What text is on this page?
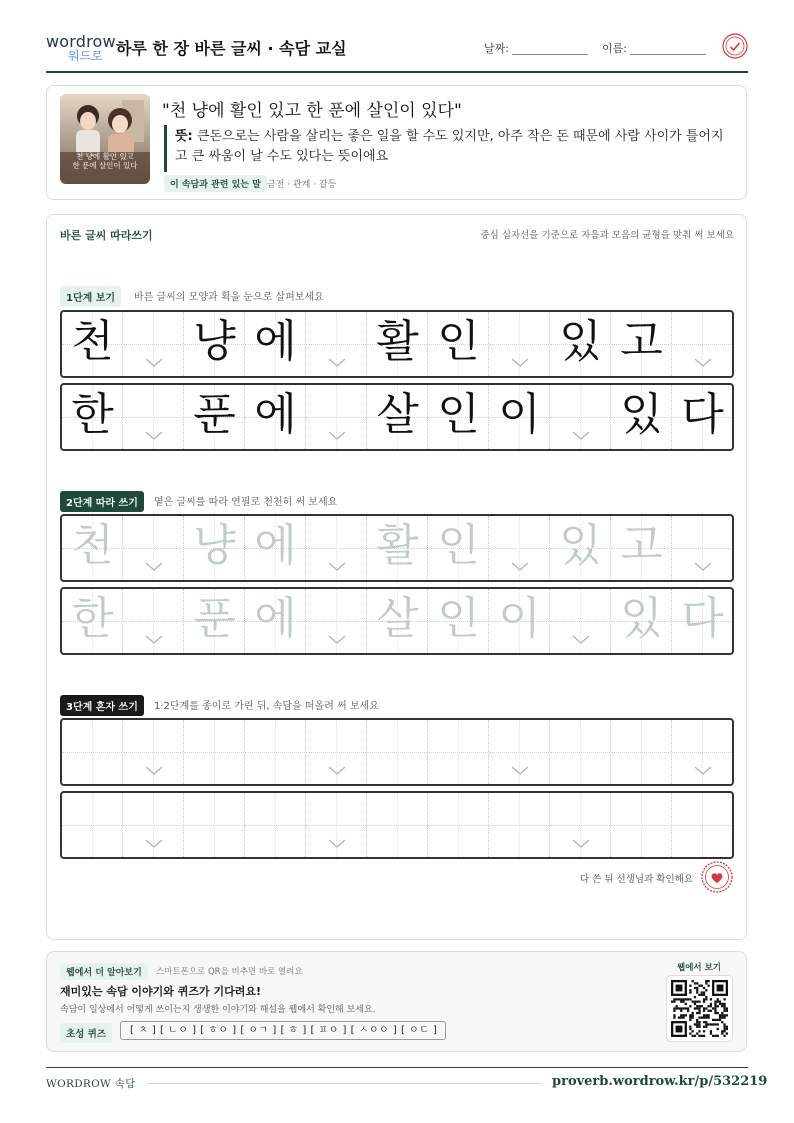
wordrow
워드로 하루 한 장 바른 글씨 · 속담 교실	날짜:	이름:
천 냥에 활인 있고
한 푼에 살인이 있다
"천 냥에 활인 있고 한 푼에 살인이 있다"
뜻: 큰돈으로는 사람을 살리는 좋은 일을 할 수도 있지만, 아주 작은 돈 때문에 사람 사이가 틀어지고 큰 싸움이 날 수도 있다는 뜻이에요
이 속담과 관련 있는 말 금전 · 관계 · 갈등
바른 글씨 따라쓰기	중심 십자선을 기준으로 자음과 모음의 균형을 맞춰 써 보세요
1단계 보기	바른 글씨의 모양과 획을 눈으로 살펴보세요
천 냥 에 활 인 있 고
한 푼 에 살 인 이 있 다
2단계 따라 쓰기	옅은 글씨를 따라 연필로 천천히 써 보세요
천 냥 에 활 인 있 고
한 푼 에 살 인 이 있 다
3단계 혼자 쓰기	1·2단계를 종이로 가린 뒤, 속담을 떠올려 써 보세요
다 쓴 뒤 선생님과 확인해요
웹에서 더 알아보기	스마트폰으로 QR을 비추면 바로 열려요
재미있는 속담 이야기와 퀴즈가 기다려요!
속담이 일상에서 어떻게 쓰이는지 생생한 이야기와 해설을 웹에서 확인해 보세요.
초성 퀴즈	[ ㅊ ] [ ㄴㅇ ] [ ㅎㅇ ] [ ㅇㄱ ] [ ㅎ ] [ ㅍㅇ ] [ ㅅㅇㅇ ] [ ㅇㄷ ]
웹에서 보기
WORDROW 속담	proverb.wordrow.kr/p/532219
